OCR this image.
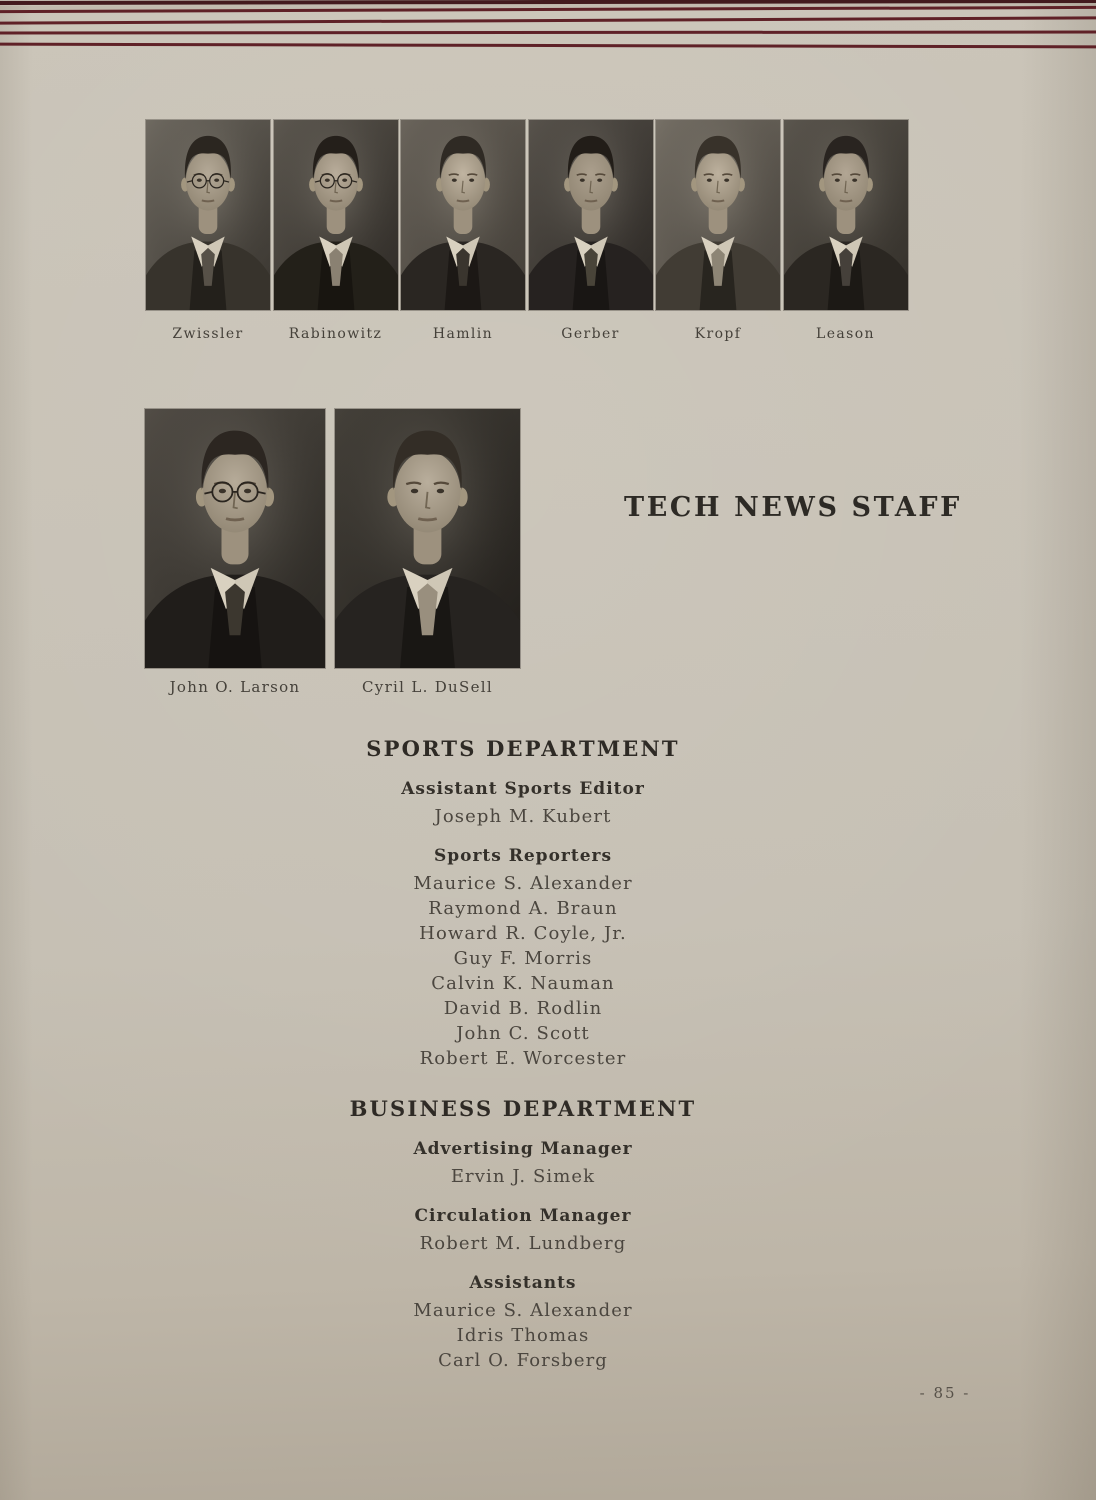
Zwissler	Rabinowitz	Hamlin	Gerber	Kropf	Leason
John O. Larson	Cyril L. DuSell
TECH NEWS STAFF
SPORTS DEPARTMENT
Assistant Sports Editor
Joseph M. Kubert
Sports Reporters
Maurice S. Alexander
Raymond A. Braun
Howard R. Coyle, Jr.
Guy F. Morris
Calvin K. Nauman
David B. Rodlin
John C. Scott
Robert E. Worcester
BUSINESS DEPARTMENT
Advertising Manager
Ervin J. Simek
Circulation Manager
Robert M. Lundberg
Assistants
Maurice S. Alexander
Idris Thomas
Carl O. Forsberg
- 85 -
